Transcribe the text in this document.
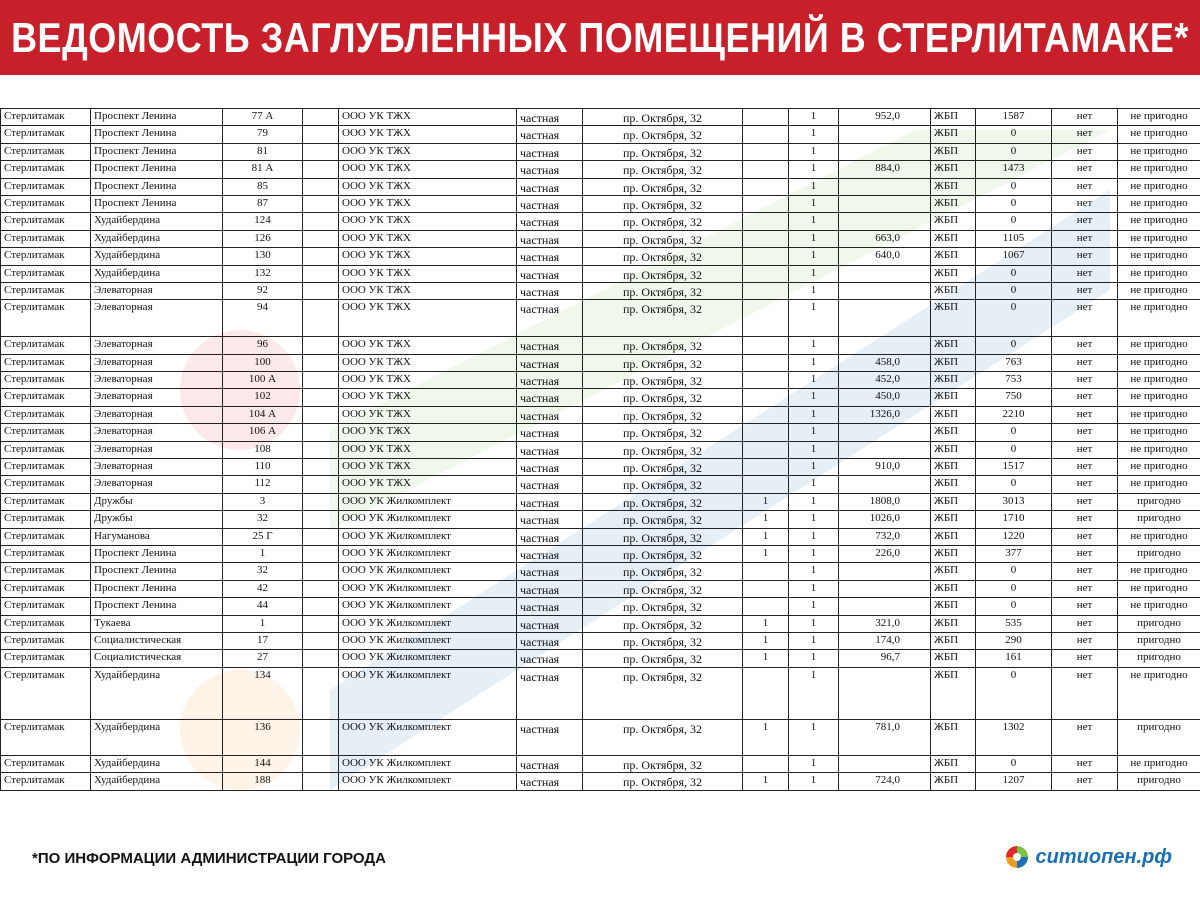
ВЕДОМОСТЬ ЗАГЛУБЛЕННЫХ ПОМЕЩЕНИЙ В СТЕРЛИТАМАКЕ*
Стерлитамак	Проспект Ленина	77 А		ООО УК ТЖХ	частная	пр. Октября, 32		1	952,0	ЖБП	1587	нет	не пригодно
Стерлитамак	Проспект Ленина	79		ООО УК ТЖХ	частная	пр. Октября, 32		1		ЖБП	0	нет	не пригодно
Стерлитамак	Проспект Ленина	81		ООО УК ТЖХ	частная	пр. Октября, 32		1		ЖБП	0	нет	не пригодно
Стерлитамак	Проспект Ленина	81 А		ООО УК ТЖХ	частная	пр. Октября, 32		1	884,0	ЖБП	1473	нет	не пригодно
Стерлитамак	Проспект Ленина	85		ООО УК ТЖХ	частная	пр. Октября, 32		1		ЖБП	0	нет	не пригодно
Стерлитамак	Проспект Ленина	87		ООО УК ТЖХ	частная	пр. Октября, 32		1		ЖБП	0	нет	не пригодно
Стерлитамак	Худайбердина	124		ООО УК ТЖХ	частная	пр. Октября, 32		1		ЖБП	0	нет	не пригодно
Стерлитамак	Худайбердина	126		ООО УК ТЖХ	частная	пр. Октября, 32		1	663,0	ЖБП	1105	нет	не пригодно
Стерлитамак	Худайбердина	130		ООО УК ТЖХ	частная	пр. Октября, 32		1	640,0	ЖБП	1067	нет	не пригодно
Стерлитамак	Худайбердина	132		ООО УК ТЖХ	частная	пр. Октября, 32		1		ЖБП	0	нет	не пригодно
Стерлитамак	Элеваторная	92		ООО УК ТЖХ	частная	пр. Октября, 32		1		ЖБП	0	нет	не пригодно
Стерлитамак	Элеваторная	94		ООО УК ТЖХ	частная	пр. Октября, 32		1		ЖБП	0	нет	не пригодно
Стерлитамак	Элеваторная	96		ООО УК ТЖХ	частная	пр. Октября, 32		1		ЖБП	0	нет	не пригодно
Стерлитамак	Элеваторная	100		ООО УК ТЖХ	частная	пр. Октября, 32		1	458,0	ЖБП	763	нет	не пригодно
Стерлитамак	Элеваторная	100 А		ООО УК ТЖХ	частная	пр. Октября, 32		1	452,0	ЖБП	753	нет	не пригодно
Стерлитамак	Элеваторная	102		ООО УК ТЖХ	частная	пр. Октября, 32		1	450,0	ЖБП	750	нет	не пригодно
Стерлитамак	Элеваторная	104 А		ООО УК ТЖХ	частная	пр. Октября, 32		1	1326,0	ЖБП	2210	нет	не пригодно
Стерлитамак	Элеваторная	106 А		ООО УК ТЖХ	частная	пр. Октября, 32		1		ЖБП	0	нет	не пригодно
Стерлитамак	Элеваторная	108		ООО УК ТЖХ	частная	пр. Октября, 32		1		ЖБП	0	нет	не пригодно
Стерлитамак	Элеваторная	110		ООО УК ТЖХ	частная	пр. Октября, 32		1	910,0	ЖБП	1517	нет	не пригодно
Стерлитамак	Элеваторная	112		ООО УК ТЖХ	частная	пр. Октября, 32		1		ЖБП	0	нет	не пригодно
Стерлитамак	Дружбы	3		ООО УК Жилкомплект	частная	пр. Октября, 32	1	1	1808,0	ЖБП	3013	нет	пригодно
Стерлитамак	Дружбы	32		ООО УК Жилкомплект	частная	пр. Октября, 32	1	1	1026,0	ЖБП	1710	нет	пригодно
Стерлитамак	Нагуманова	25 Г		ООО УК Жилкомплект	частная	пр. Октября, 32	1	1	732,0	ЖБП	1220	нет	не пригодно
Стерлитамак	Проспект Ленина	1		ООО УК Жилкомплект	частная	пр. Октября, 32	1	1	226,0	ЖБП	377	нет	пригодно
Стерлитамак	Проспект Ленина	32		ООО УК Жилкомплект	частная	пр. Октября, 32		1		ЖБП	0	нет	не пригодно
Стерлитамак	Проспект Ленина	42		ООО УК Жилкомплект	частная	пр. Октября, 32		1		ЖБП	0	нет	не пригодно
Стерлитамак	Проспект Ленина	44		ООО УК Жилкомплект	частная	пр. Октября, 32		1		ЖБП	0	нет	не пригодно
Стерлитамак	Тукаева	1		ООО УК Жилкомплект	частная	пр. Октября, 32	1	1	321,0	ЖБП	535	нет	пригодно
Стерлитамак	Социалистическая	17		ООО УК Жилкомплект	частная	пр. Октября, 32	1	1	174,0	ЖБП	290	нет	пригодно
Стерлитамак	Социалистическая	27		ООО УК Жилкомплект	частная	пр. Октября, 32	1	1	96,7	ЖБП	161	нет	пригодно
Стерлитамак	Худайбердина	134		ООО УК Жилкомплект	частная	пр. Октября, 32		1		ЖБП	0	нет	не пригодно
Стерлитамак	Худайбердина	136		ООО УК Жилкомплект	частная	пр. Октября, 32	1	1	781,0	ЖБП	1302	нет	пригодно
Стерлитамак	Худайбердина	144		ООО УК Жилкомплект	частная	пр. Октября, 32		1		ЖБП	0	нет	не пригодно
Стерлитамак	Худайбердина	188		ООО УК Жилкомплект	частная	пр. Октября, 32	1	1	724,0	ЖБП	1207	нет	пригодно
*ПО ИНФОРМАЦИИ АДМИНИСТРАЦИИ ГОРОДА	ситиопен.рф
